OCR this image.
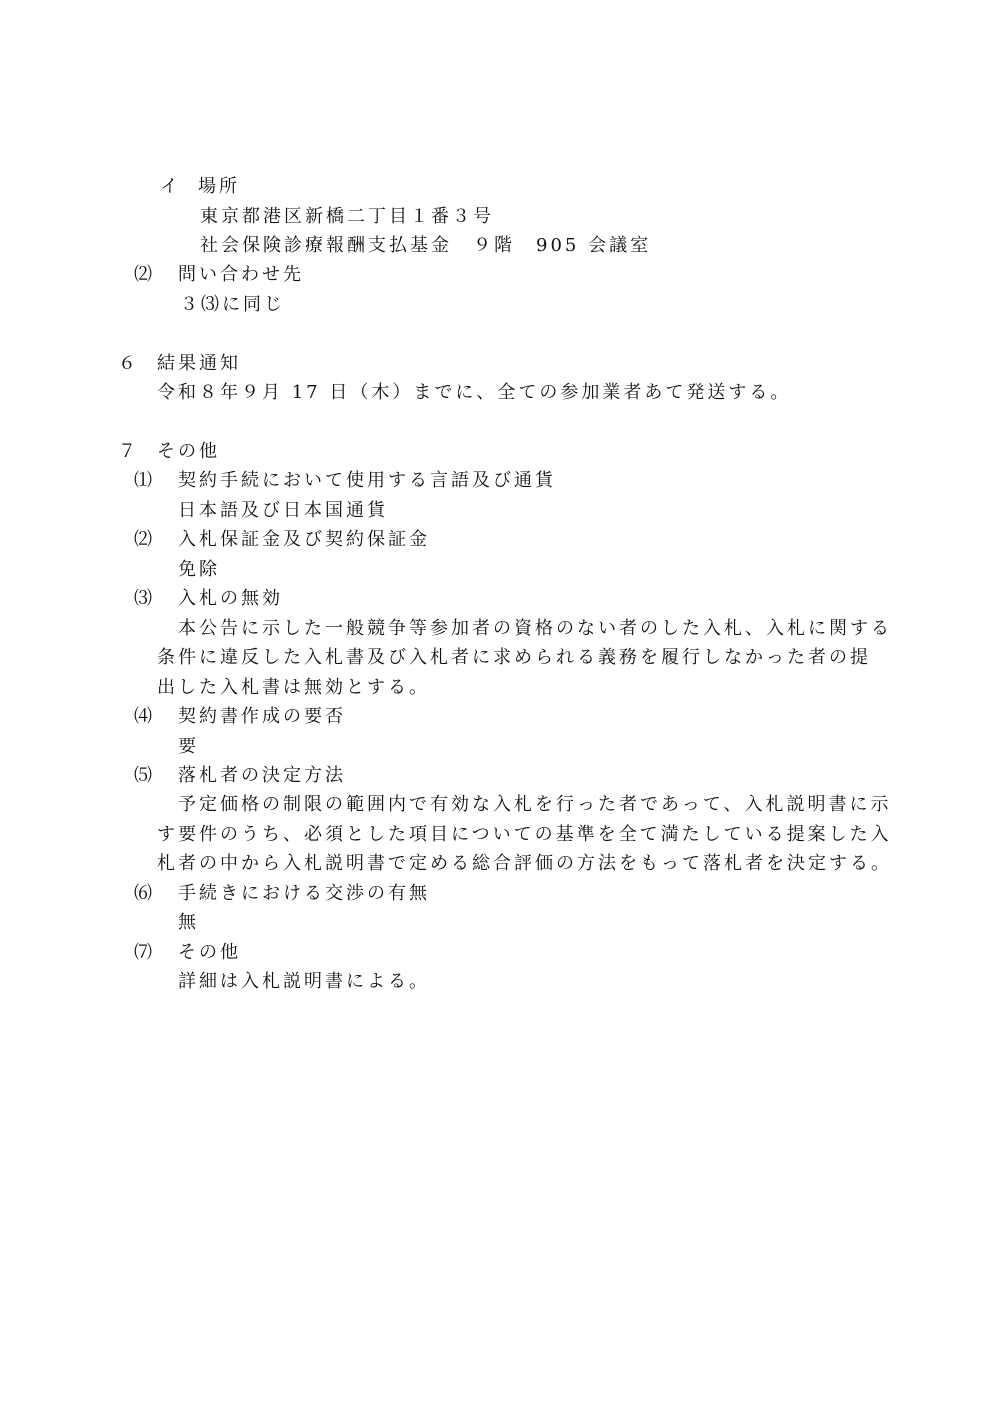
イ 場所
東京都港区新橋二丁目１番３号
社会保険診療報酬支払基金　９階　905 会議室
⑵ 問い合わせ先
３⑶に同じ
６ 結果通知
令和８年９月 17 日（木）までに、全ての参加業者あて発送する。
７ その他
⑴ 契約手続において使用する言語及び通貨
日本語及び日本国通貨
⑵ 入札保証金及び契約保証金
免除
⑶ 入札の無効
本公告に示した一般競争等参加者の資格のない者のした入札、入札に関する
条件に違反した入札書及び入札者に求められる義務を履行しなかった者の提
出した入札書は無効とする。
⑷ 契約書作成の要否
要
⑸ 落札者の決定方法
予定価格の制限の範囲内で有効な入札を行った者であって、入札説明書に示
す要件のうち、必須とした項目についての基準を全て満たしている提案した入
札者の中から入札説明書で定める総合評価の方法をもって落札者を決定する。
⑹ 手続きにおける交渉の有無
無
⑺ その他
詳細は入札説明書による。
